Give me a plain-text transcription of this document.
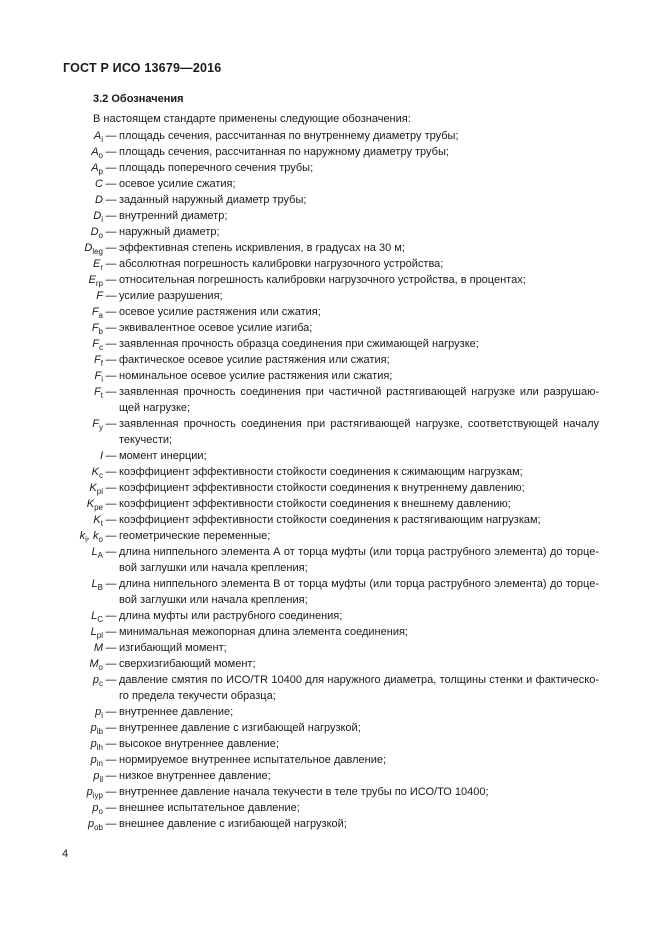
ГОСТ Р ИСО 13679—2016
3.2 Обозначения
В настоящем стандарте применены следующие обозначения:
$A_i$ — площадь сечения, рассчитанная по внутреннему диаметру трубы;
$A_o$ — площадь сечения, рассчитанная по наружному диаметру трубы;
$A_p$ — площадь поперечного сечения трубы;
C — осевое усилие сжатия;
D — заданный наружный диаметр трубы;
$D_i$ — внутренний диаметр;
$D_o$ — наружный диаметр;
$D_{leg}$ — эффективная степень искривления, в градусах на 30 м;
$E_r$ — абсолютная погрешность калибровки нагрузочного устройства;
$E_{rp}$ — относительная погрешность калибровки нагрузочного устройства, в процентах;
F — усилие разрушения;
$F_a$ — осевое усилие растяжения или сжатия;
$F_b$ — эквивалентное осевое усилие изгиба;
$F_c$ — заявленная прочность образца соединения при сжимающей нагрузке;
$F_f$ — фактическое осевое усилие растяжения или сжатия;
$F_i$ — номинальное осевое усилие растяжения или сжатия;
$F_t$ — заявленная прочность соединения при частичной растягивающей нагрузке или разрушаю-щей нагрузке;
$F_y$ — заявленная прочность соединения при растягивающей нагрузке, соответствующей началу текучести;
I — момент инерции;
$K_c$ — коэффициент эффективности стойкости соединения к сжимающим нагрузкам;
$K_{pi}$ — коэффициент эффективности стойкости соединения к внутреннему давлению;
$K_{pe}$ — коэффициент эффективности стойкости соединения к внешнему давлению;
$K_t$ — коэффициент эффективности стойкости соединения к растягивающим нагрузкам;
$k_i$, $k_o$ — геометрические переменные;
$L_A$ — длина ниппельного элемента А от торца муфты (или торца раструбного элемента) до торце-вой заглушки или начала крепления;
$L_B$ — длина ниппельного элемента В от торца муфты (или торца раструбного элемента) до торце-вой заглушки или начала крепления;
$L_C$ — длина муфты или раструбного соединения;
$L_{pl}$ — минимальная межопорная длина элемента соединения;
M — изгибающий момент;
$M_o$ — сверхизгибающий момент;
$p_c$ — давление смятия по ИСО/TR 10400 для наружного диаметра, толщины стенки и фактическо-го предела текучести образца;
$p_i$ — внутреннее давление;
$p_{ib}$ — внутреннее давление с изгибающей нагрузкой;
$p_{ih}$ — высокое внутреннее давление;
$p_{in}$ — нормируемое внутреннее испытательное давление;
$p_{il}$ — низкое внутреннее давление;
$p_{iyp}$ — внутреннее давление начала текучести в теле трубы по ИСО/ТО 10400;
$p_o$ — внешнее испытательное давление;
$p_{ob}$ — внешнее давление с изгибающей нагрузкой;
4
